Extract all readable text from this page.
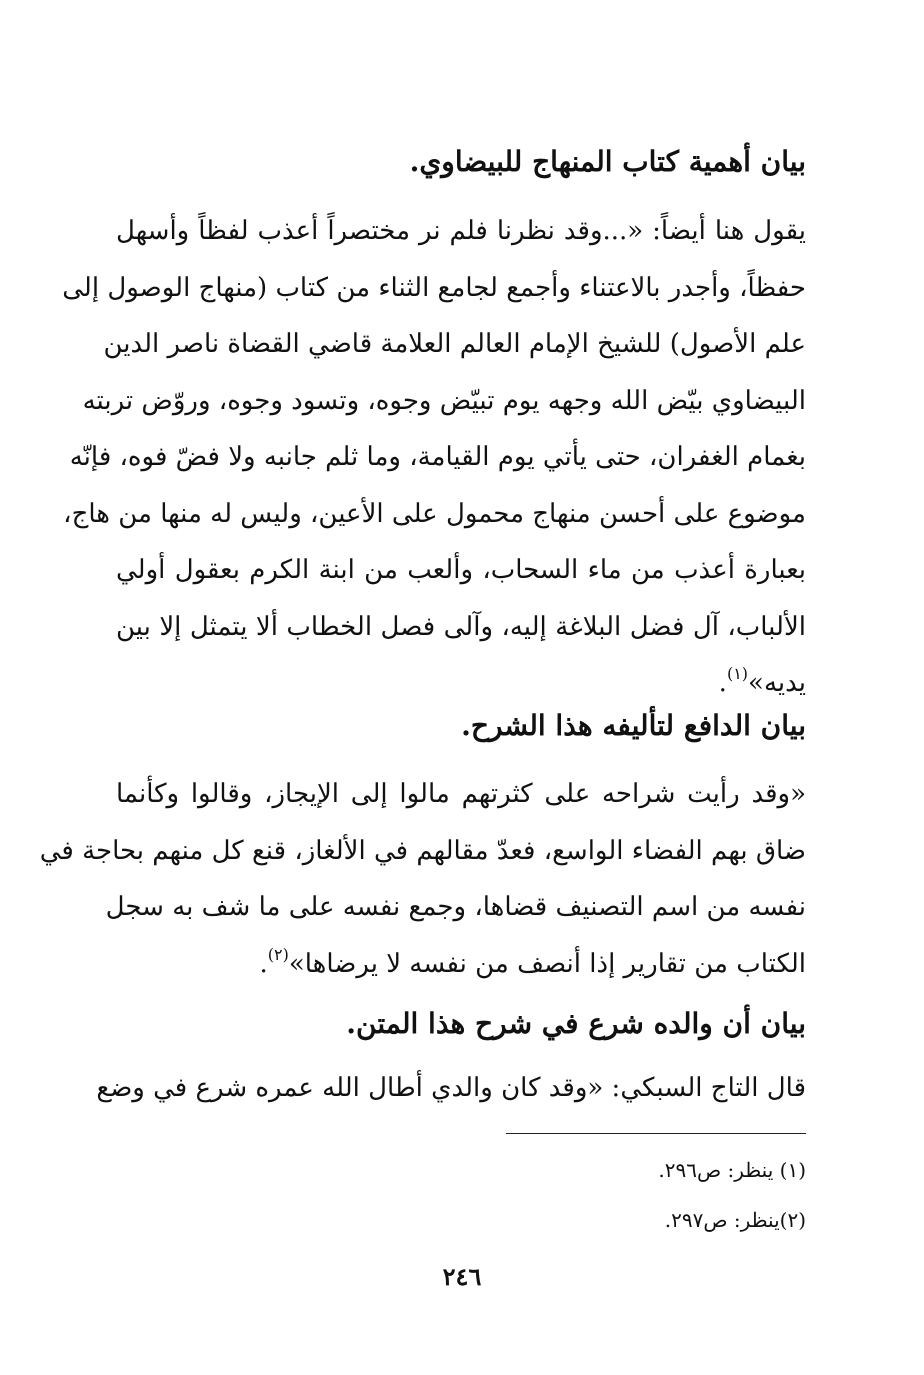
بيان أهمية كتاب المنهاج للبيضاوي.
يقول هنا أيضاً: «...وقد نظرنا فلم نر مختصراً أعذب لفظاً وأسهل
حفظاً، وأجدر بالاعتناء وأجمع لجامع الثناء من كتاب (منهاج الوصول إلى
علم الأصول) للشيخ الإمام العالم العلامة قاضي القضاة ناصر الدين
البيضاوي بيّض الله وجهه يوم تبيّض وجوه، وتسود وجوه، وروّض تربته
بغمام الغفران، حتى يأتي يوم القيامة، وما ثلم جانبه ولا فضّ فوه، فإنّه
موضوع على أحسن منهاج محمول على الأعين، وليس له منها من هاج،
بعبارة أعذب من ماء السحاب، وألعب من ابنة الكرم بعقول أولي
الألباب، آل فضل البلاغة إليه، وآلى فصل الخطاب ألا يتمثل إلا بين
يديه»$^{(١)}$.
بيان الدافع لتأليفه هذا الشرح.
«وقد رأيت شراحه على كثرتهم مالوا إلى الإيجاز، وقالوا وكأنما
ضاق بهم الفضاء الواسع، فعدّ مقالهم في الألغاز، قنع كل منهم بحاجة في
نفسه من اسم التصنيف قضاها، وجمع نفسه على ما شف به سجل
الكتاب من تقارير إذا أنصف من نفسه لا يرضاها»$^{(٢)}$.
بيان أن والده شرع في شرح هذا المتن.
قال التاج السبكي: «وقد كان والدي أطال الله عمره شرع في وضع
(١) ينظر: ص٢٩٦.
(٢)ينظر: ص٢٩٧.
٢٤٦
